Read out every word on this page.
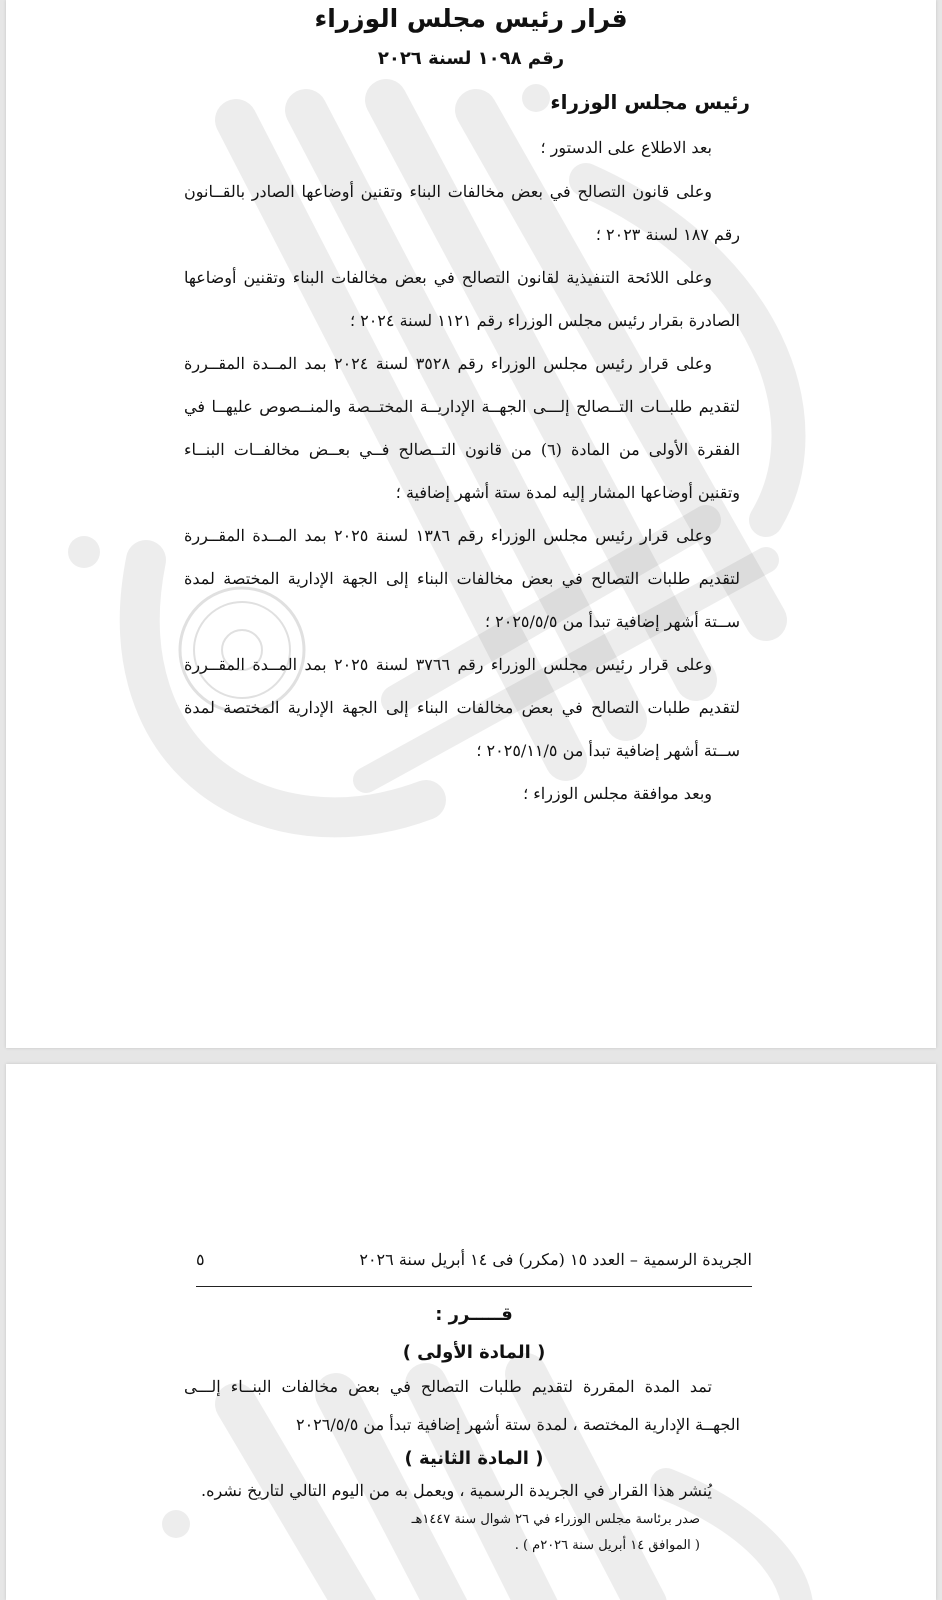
قرار رئيس مجلس الوزراء
رقم ١٠٩٨ لسنة ٢٠٢٦
رئيس مجلس الوزراء
بعد الاطلاع على الدستور ؛
وعلى قانون التصالح في بعض مخالفات البناء وتقنين أوضاعها الصادر بالقــانون رقم ١٨٧ لسنة ٢٠٢٣ ؛
وعلى اللائحة التنفيذية لقانون التصالح في بعض مخالفات البناء وتقنين أوضاعها الصادرة بقرار رئيس مجلس الوزراء رقم ١١٢١ لسنة ٢٠٢٤ ؛
وعلى قرار رئيس مجلس الوزراء رقم ٣٥٢٨ لسنة ٢٠٢٤ بمد المــدة المقــررة لتقديم طلبــات التــصالح إلـــى الجهــة الإداريــة المختــصة والمنــصوص عليهــا في الفقرة الأولى من المادة (٦) من قانون التــصالح فــي بعــض مخالفــات البنــاء وتقنين أوضاعها المشار إليه لمدة ستة أشهر إضافية ؛
وعلى قرار رئيس مجلس الوزراء رقم ١٣٨٦ لسنة ٢٠٢٥ بمد المــدة المقــررة لتقديم طلبات التصالح في بعض مخالفات البناء إلى الجهة الإدارية المختصة لمدة ســتة أشهر إضافية تبدأ من ٢٠٢٥/٥/٥ ؛
وعلى قرار رئيس مجلس الوزراء رقم ٣٧٦٦ لسنة ٢٠٢٥ بمد المــدة المقــررة لتقديم طلبات التصالح في بعض مخالفات البناء إلى الجهة الإدارية المختصة لمدة ســتة أشهر إضافية تبدأ من ٢٠٢٥/١١/٥ ؛
وبعد موافقة مجلس الوزراء ؛
الجريدة الرسمية – العدد ١٥ (مكرر) فى ١٤ أبريل سنة ٢٠٢٦
٥
قـــــرر :
( المادة الأولى )
تمد المدة المقررة لتقديم طلبات التصالح في بعض مخالفات البنــاء إلـــى الجهــة الإدارية المختصة ، لمدة ستة أشهر إضافية تبدأ من ٢٠٢٦/٥/٥
( المادة الثانية )
يُنشر هذا القرار في الجريدة الرسمية ، ويعمل به من اليوم التالي لتاريخ نشره.
صدر برئاسة مجلس الوزراء في ٢٦ شوال سنة ١٤٤٧هـ
( الموافق ١٤ أبريل سنة ٢٠٢٦م ) .
